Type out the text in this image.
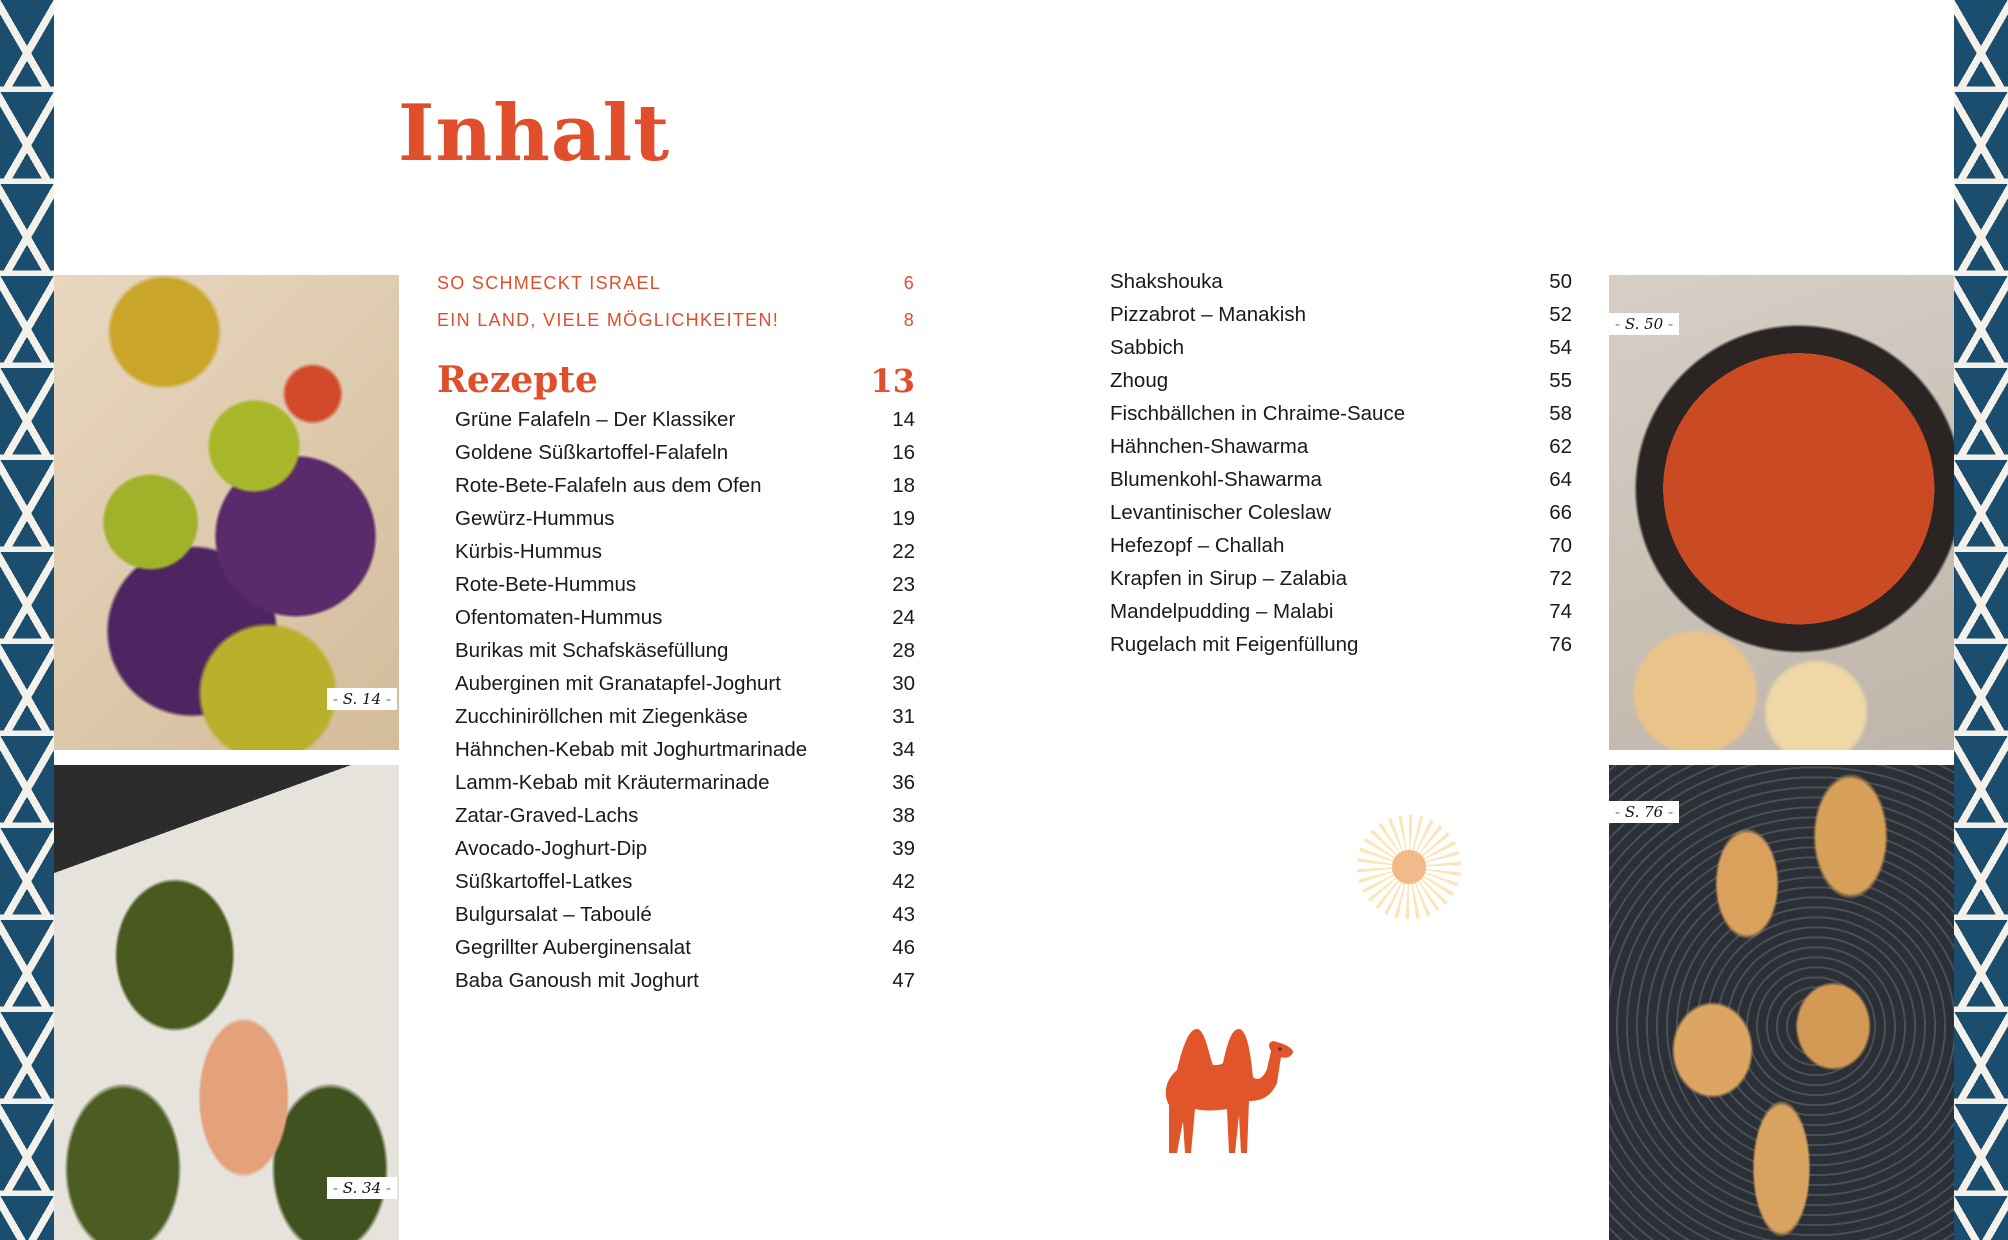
Inhalt
- S. 14 -
- S. 34 -
- S. 50 -
- S. 76 -
SO SCHMECKT ISRAEL	6
EIN LAND, VIELE MÖGLICHKEITEN!	8
Rezepte	13
Grüne Falafeln – Der Klassiker	14
Goldene Süßkartoffel-Falafeln	16
Rote-Bete-Falafeln aus dem Ofen	18
Gewürz-Hummus	19
Kürbis-Hummus	22
Rote-Bete-Hummus	23
Ofentomaten-Hummus	24
Burikas mit Schafskäsefüllung	28
Auberginen mit Granatapfel-Joghurt	30
Zucchiniröllchen mit Ziegenkäse	31
Hähnchen-Kebab mit Joghurtmarinade	34
Lamm-Kebab mit Kräutermarinade	36
Zatar-Graved-Lachs	38
Avocado-Joghurt-Dip	39
Süßkartoffel-Latkes	42
Bulgursalat – Taboulé	43
Gegrillter Auberginensalat	46
Baba Ganoush mit Joghurt	47
Shakshouka	50
Pizzabrot – Manakish	52
Sabbich	54
Zhoug	55
Fischbällchen in Chraime-Sauce	58
Hähnchen-Shawarma	62
Blumenkohl-Shawarma	64
Levantinischer Coleslaw	66
Hefezopf – Challah	70
Krapfen in Sirup – Zalabia	72
Mandelpudding – Malabi	74
Rugelach mit Feigenfüllung	76
